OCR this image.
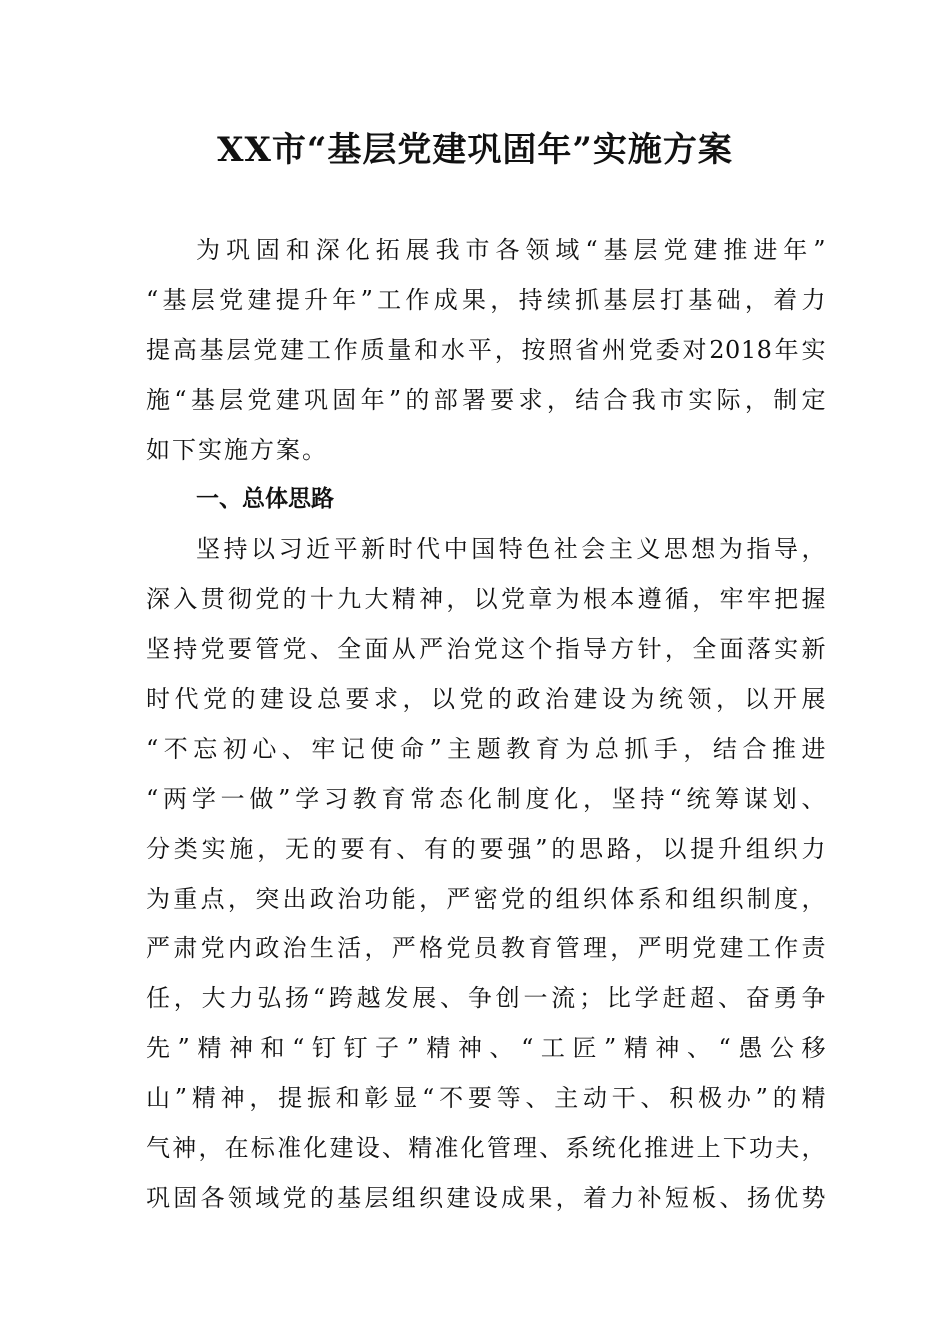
XX市“基层党建巩固年”实施方案
为巩固和深化拓展我市各领域“基层党建推进年”
“基层党建提升年”工作成果，持续抓基层打基础，着力
提高基层党建工作质量和水平，按照省州党委对2018年实
施“基层党建巩固年”的部署要求，结合我市实际，制定
如下实施方案。
一、总体思路
坚持以习近平新时代中国特色社会主义思想为指导，
深入贯彻党的十九大精神，以党章为根本遵循，牢牢把握
坚持党要管党、全面从严治党这个指导方针，全面落实新
时代党的建设总要求，以党的政治建设为统领，以开展
“不忘初心、牢记使命”主题教育为总抓手，结合推进
“两学一做”学习教育常态化制度化，坚持“统筹谋划、
分类实施，无的要有、有的要强”的思路，以提升组织力
为重点，突出政治功能，严密党的组织体系和组织制度，
严肃党内政治生活，严格党员教育管理，严明党建工作责
任，大力弘扬“跨越发展、争创一流；比学赶超、奋勇争
先”精神和“钉钉子”精神、“工匠”精神、“愚公移
山”精神，提振和彰显“不要等、主动干、积极办”的精
气神，在标准化建设、精准化管理、系统化推进上下功夫，
巩固各领域党的基层组织建设成果，着力补短板、扬优势
